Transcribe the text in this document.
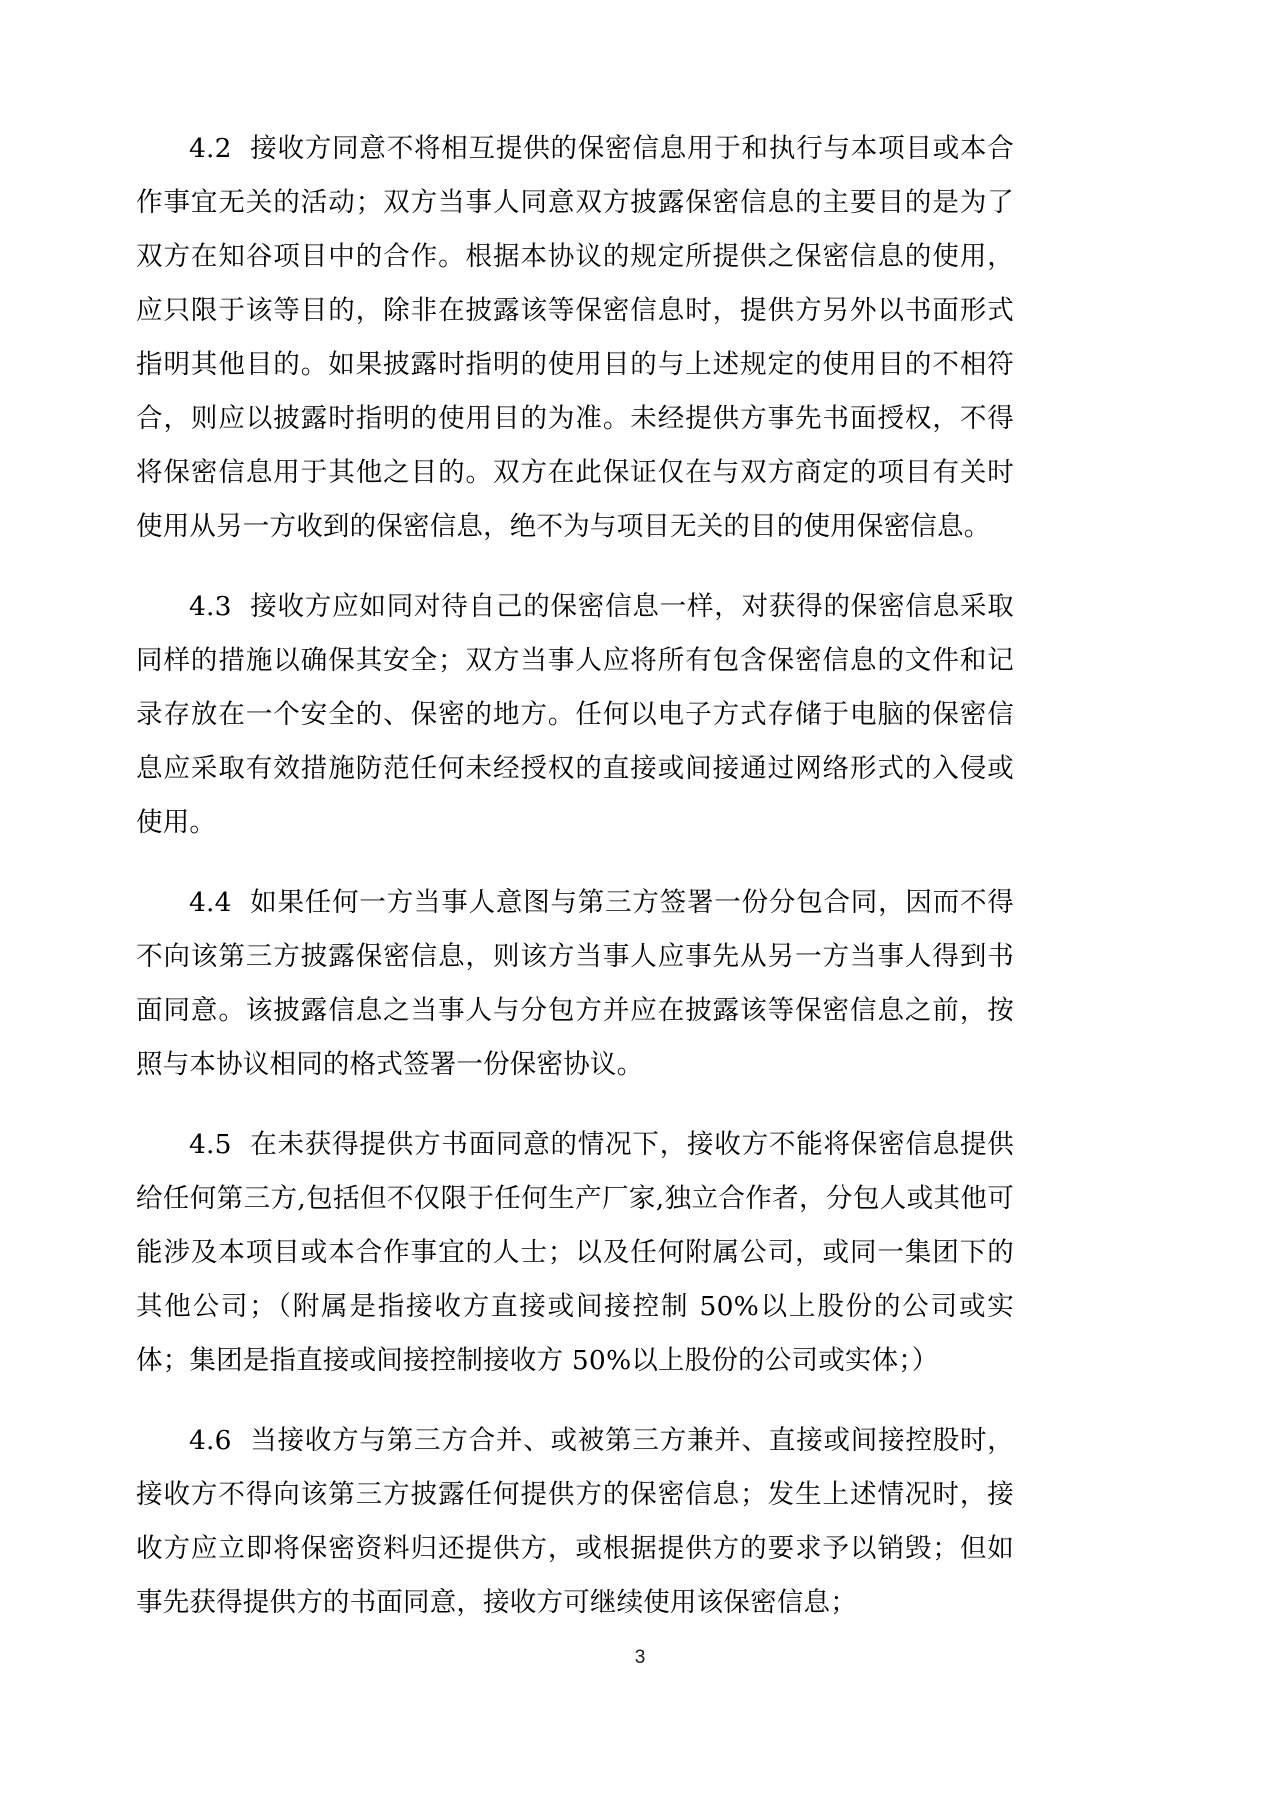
4.2 接收方同意不将相互提供的保密信息用于和执行与本项目或本合作事宜无关的活动；双方当事人同意双方披露保密信息的主要目的是为了双方在知谷项目中的合作。根据本协议的规定所提供之保密信息的使用，应只限于该等目的，除非在披露该等保密信息时，提供方另外以书面形式指明其他目的。如果披露时指明的使用目的与上述规定的使用目的不相符合，则应以披露时指明的使用目的为准。未经提供方事先书面授权，不得将保密信息用于其他之目的。双方在此保证仅在与双方商定的项目有关时使用从另一方收到的保密信息，绝不为与项目无关的目的使用保密信息。

4.3 接收方应如同对待自己的保密信息一样，对获得的保密信息采取同样的措施以确保其安全；双方当事人应将所有包含保密信息的文件和记录存放在一个安全的、保密的地方。任何以电子方式存储于电脑的保密信息应采取有效措施防范任何未经授权的直接或间接通过网络形式的入侵或使用。

4.4 如果任何一方当事人意图与第三方签署一份分包合同，因而不得不向该第三方披露保密信息，则该方当事人应事先从另一方当事人得到书面同意。该披露信息之当事人与分包方并应在披露该等保密信息之前，按照与本协议相同的格式签署一份保密协议。

4.5 在未获得提供方书面同意的情况下，接收方不能将保密信息提供给任何第三方,包括但不仅限于任何生产厂家,独立合作者，分包人或其他可能涉及本项目或本合作事宜的人士；以及任何附属公司，或同一集团下的其他公司；（附属是指接收方直接或间接控制 50%以上股份的公司或实体；集团是指直接或间接控制接收方 50%以上股份的公司或实体；）

4.6 当接收方与第三方合并、或被第三方兼并、直接或间接控股时，接收方不得向该第三方披露任何提供方的保密信息；发生上述情况时，接收方应立即将保密资料归还提供方，或根据提供方的要求予以销毁；但如事先获得提供方的书面同意，接收方可继续使用该保密信息；

3
